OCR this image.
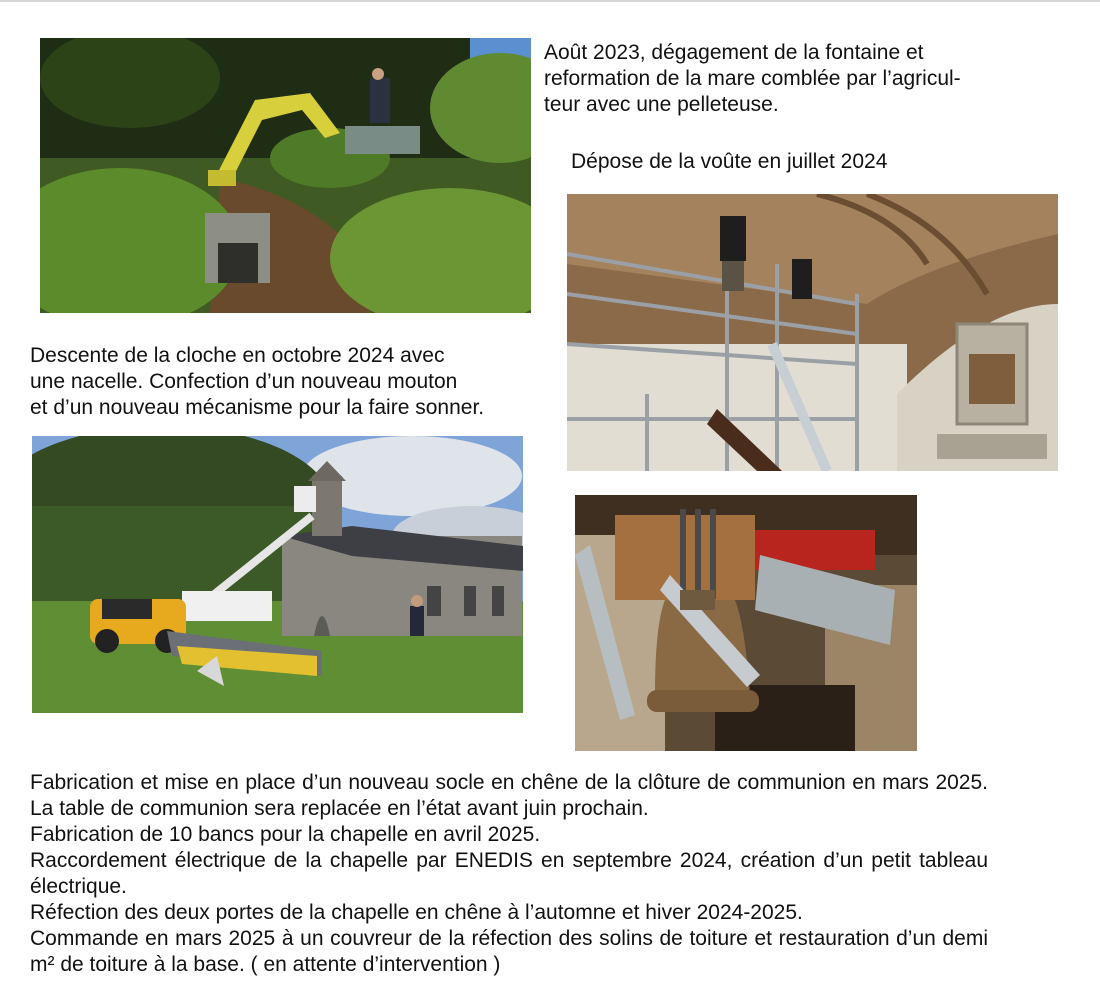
Août 2023, dégagement de la fontaine et
reformation de la mare comblée par l’agricul-
teur avec une pelleteuse.
Dépose de la voûte en juillet 2024
Descente de la cloche en octobre 2024 avec
une nacelle. Confection d’un nouveau mouton
et d’un nouveau mécanisme pour la faire sonner.

Fabrication et mise en place d’un nouveau socle en chêne de la clôture de communion en mars 2025. La table de communion sera replacée en l’état avant juin prochain.

Fabrication de 10 bancs pour la chapelle en avril 2025.

Raccordement électrique de la chapelle par ENEDIS en septembre 2024, création d’un petit tableau électrique.

Réfection des deux portes de la chapelle en chêne à l’automne et hiver 2024-2025.

Commande en mars 2025 à un couvreur de la réfection des solins de toiture et restauration d’un demi m² de toiture à la base. ( en attente d’intervention )
